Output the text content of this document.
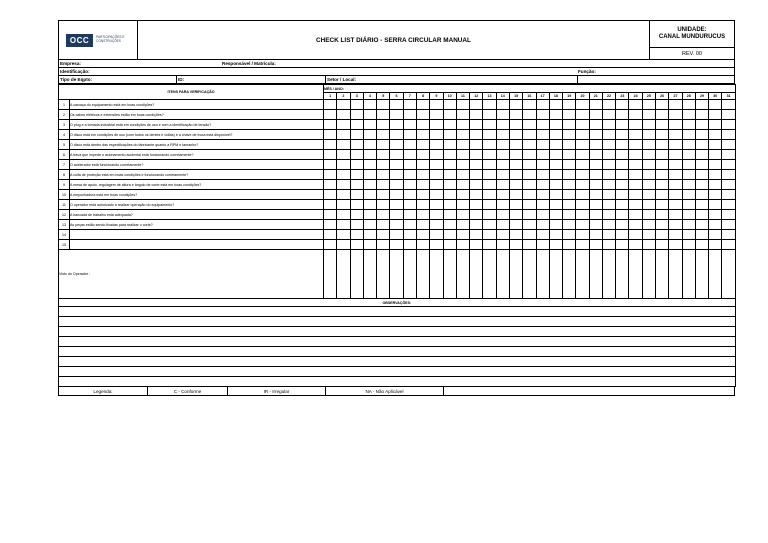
OCC	PARTICIPAÇÕES E CONSTRUÇÕES	CHECK LIST DIÁRIO - SERRA CIRCULAR MANUAL
UNIDADE:
CANAL MUNDURUCUS
REV. 00
Empresa:	Responsável / Matrícula:
Identificação:	Função:
Tipo de Eqpto:	ID:	Setor / Local:
ITENS PARA VERIFICAÇÃO		MÊS / ANO:																														
		1	2	3	4	5	6	7	8	9	10	11	12	13	14	15	16	17	18	19	20	21	22	23	24	25	26	27	28	29	30	31
1	A carcaça do equipamento está em boas condições?																															
2	Os cabos elétricos e extensões estão em boas condições?																															
3	O plug e a tomada industrial está em condições de uso e com a identificação de tensão?																															
4	O disco está em condições de uso (com todos os dentes e vídias) e a chave de troca está disponível?																															
5	O disco está dentro das especificações do fabricante quanto a RPM e tamanho?																															
6	A trava que impede o acionamento acidental está funcionando corretamente?																															
7	O acelerador está funcionando corretamente?																															
8	A coifa de proteção está em boas condições e funcionando corretamente?																															
9	A mesa de apoio, regulagem de altura e ângulo de corte está em boas condições?																															
10	A empunhadura está em boas condições?																															
11	O operador está autorizado a realizar operação do equipamento?																															
12	A bancada de trabalho está adequada?																															
13	As peças estão sendo fixadas para realizar o corte?																															
14																																
15																																
Visto do Operador :																																
OBSERVAÇÕES:																																

Legenda:	C - Conforme	IR - Irregular	NA - Não Aplicável
